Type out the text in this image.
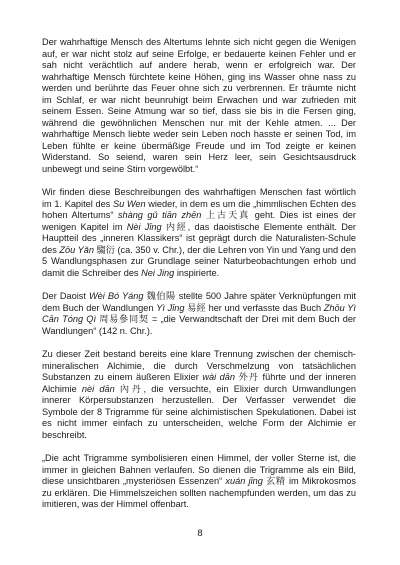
Der wahrhaftige Mensch des Altertums lehnte sich nicht gegen die Wenigen auf, er war nicht stolz auf seine Erfolge, er bedauerte keinen Fehler und er sah nicht verächtlich auf andere herab, wenn er erfolgreich war. Der wahrhaftige Mensch fürchtete keine Höhen, ging ins Wasser ohne nass zu werden und berührte das Feuer ohne sich zu verbrennen. Er träumte nicht im Schlaf, er war nicht beunruhigt beim Erwachen und war zufrieden mit seinem Essen. Seine Atmung war so tief, dass sie bis in die Fersen ging, während die gewöhnlichen Menschen nur mit der Kehle atmen. ... Der wahrhaftige Mensch liebte weder sein Leben noch hasste er seinen Tod, im Leben fühlte er keine übermäßige Freude und im Tod zeigte er keinen Widerstand. So seiend, waren sein Herz leer, sein Gesichtsausdruck unbewegt und seine Stirn vorgewölbt.“

Wir finden diese Beschreibungen des wahrhaftigen Menschen fast wörtlich im 1. Kapitel des Su Wen wieder, in dem es um die „himmlischen Echten des hohen Altertums“ shàng gǔ tiān zhēn 上古天真 geht. Dies ist eines der wenigen Kapitel im Nèi Jīng 内經, das daoistische Elemente enthält. Der Hauptteil des „inneren Klassikers“ ist geprägt durch die Naturalisten-Schule des Zōu Yǎn 騶衍 (ca. 350 v. Chr.), der die Lehren von Yin und Yang und den 5 Wandlungsphasen zur Grundlage seiner Naturbeobachtungen erhob und damit die Schreiber des Nei Jing inspirierte.

Der Daoist Wèi Bó Yáng 魏伯陽 stellte 500 Jahre später Verknüpfungen mit dem Buch der Wandlungen Yì Jīng 易經 her und verfasste das Buch Zhōu Yì Cān Tóng Qì 周易參同契 = „die Verwandtschaft der Drei mit dem Buch der Wandlungen“ (142 n. Chr.).

Zu dieser Zeit bestand bereits eine klare Trennung zwischen der chemisch-mineralischen Alchimie, die durch Verschmelzung von tatsächlichen Substanzen zu einem äußeren Elixier wài dān 外丹 führte und der inneren Alchimie nèi dān 內丹, die versuchte, ein Elixier durch Umwandlungen innerer Körpersubstanzen herzustellen. Der Verfasser verwendet die Symbole der 8 Trigramme für seine alchimistischen Spekulationen. Dabei ist es nicht immer einfach zu unterscheiden, welche Form der Alchimie er beschreibt.

„Die acht Trigramme symbolisieren einen Himmel, der voller Sterne ist, die immer in gleichen Bahnen verlaufen. So dienen die Trigramme als ein Bild, diese unsichtbaren „mysteriösen Essenzen“ xuán jīng 玄精 im Mikrokosmos zu erklären. Die Himmelszeichen sollten nachempfunden werden, um das zu imitieren, was der Himmel offenbart.

8
